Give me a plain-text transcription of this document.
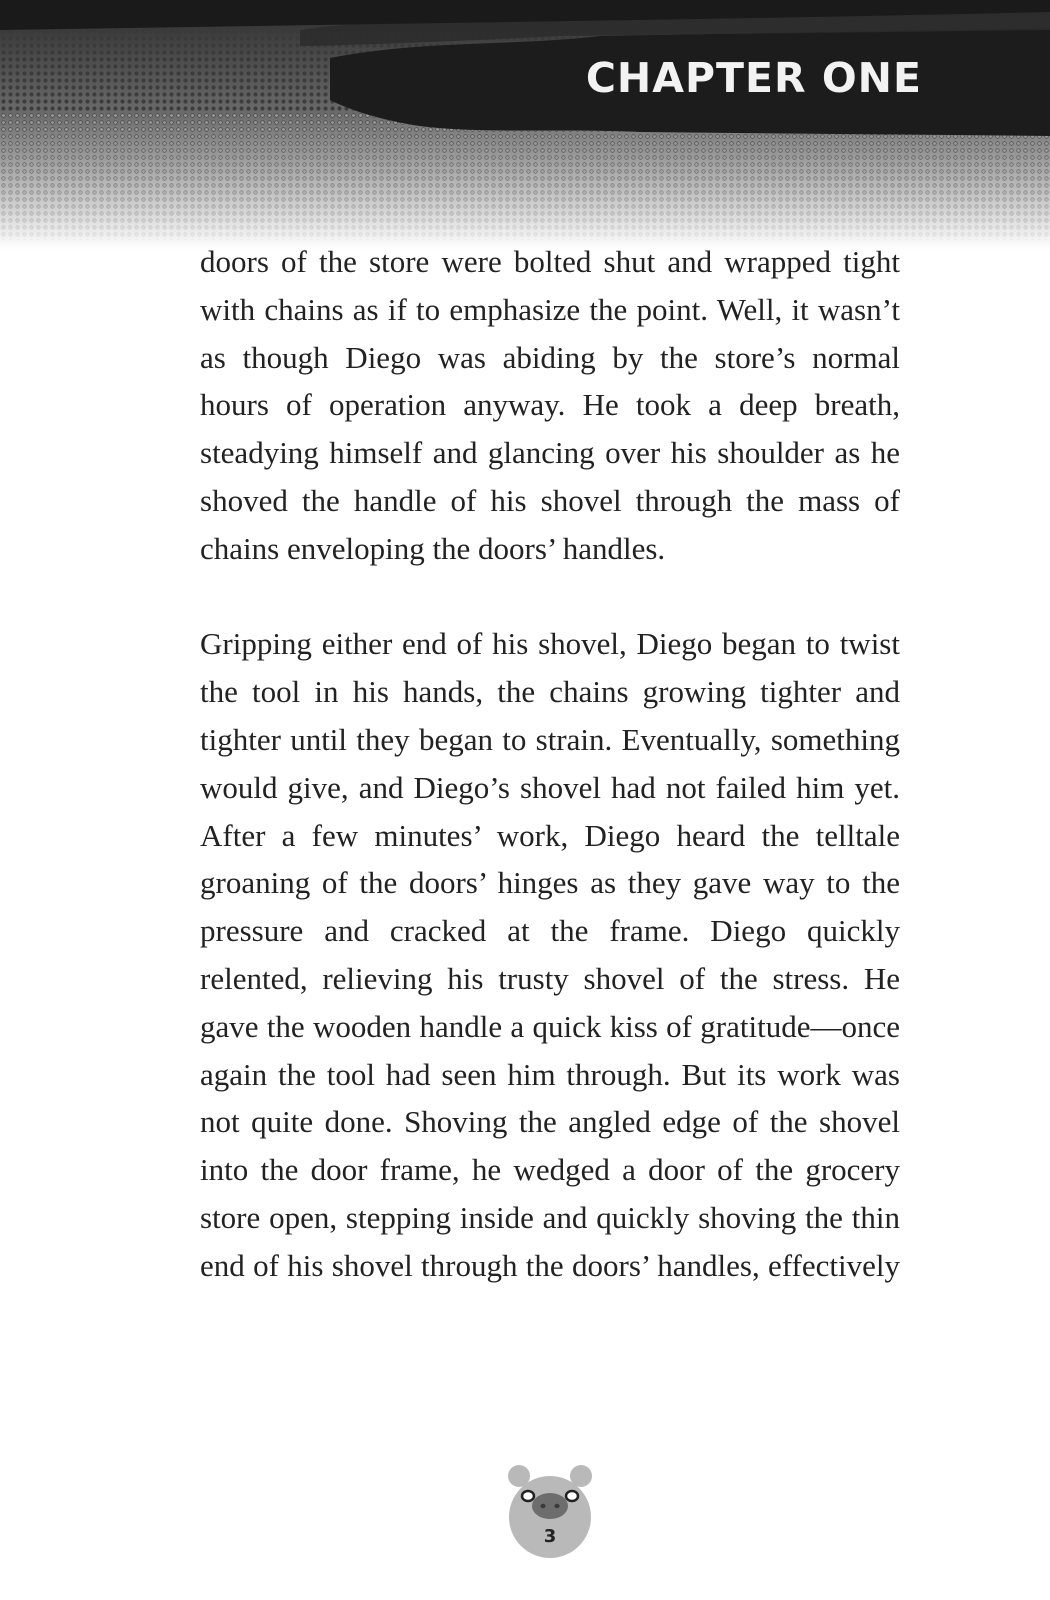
CHAPTER ONE

doors of the store were bolted shut and wrapped tight with chains as if to emphasize the point. Well, it wasn’t as though Diego was abiding by the store’s normal hours of operation anyway. He took a deep breath, steadying himself and glancing over his shoulder as he shoved the handle of his shovel through the mass of chains enveloping the doors’ handles.

Gripping either end of his shovel, Diego began to twist the tool in his hands, the chains growing tighter and tighter until they began to strain. Eventually, something would give, and Diego’s shovel had not failed him yet. After a few minutes’ work, Diego heard the telltale groaning of the doors’ hinges as they gave way to the pressure and cracked at the frame. Diego quickly relented, relieving his trusty shovel of the stress. He gave the wooden handle a quick kiss of gratitude—once again the tool had seen him through. But its work was not quite done. Shoving the angled edge of the shovel into the door frame, he wedged a door of the grocery store open, stepping inside and quickly shoving the thin end of his shovel through the doors’ handles, effectively

3
